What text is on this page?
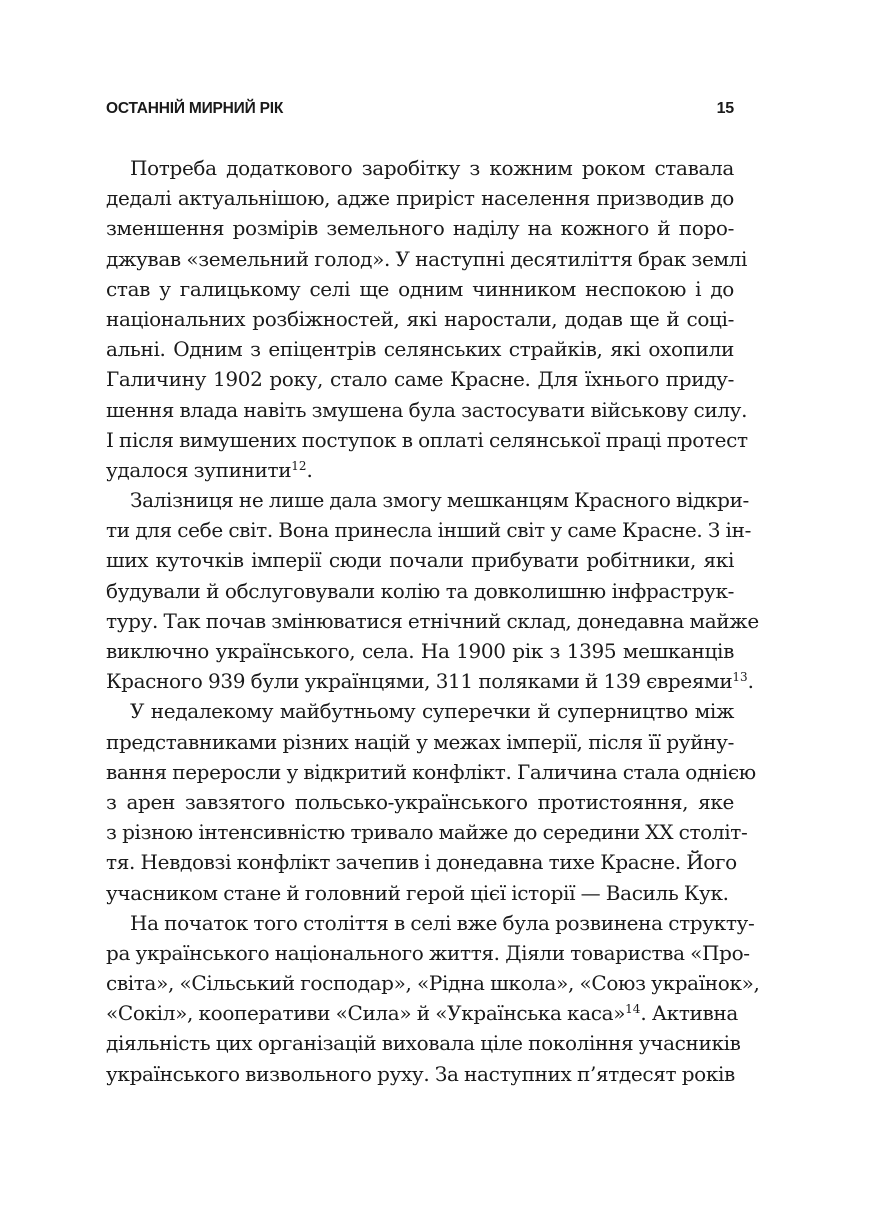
ОСТАННІЙ МИРНИЙ РІК	15
Потреба додаткового заробітку з кожним роком ставала
дедалі актуальнішою, адже приріст населення призводив до
зменшення розмірів земельного наділу на кожного й поро-
джував «земельний голод». У наступні десятиліття брак землі
став у галицькому селі ще одним чинником неспокою і до
національних розбіжностей, які наростали, додав ще й соці-
альні. Одним з епіцентрів селянських страйків, які охопили
Галичину 1902 року, стало саме Красне. Для їхнього приду-
шення влада навіть змушена була застосувати військову силу.
І після вимушених поступок в оплаті селянської праці протест
удалося зупинити$^{12}$.
Залізниця не лише дала змогу мешканцям Красного відкри-
ти для себе світ. Вона принесла інший світ у саме Красне. З ін-
ших куточків імперії сюди почали прибувати робітники, які
будували й обслуговували колію та довколишню інфраструк-
туру. Так почав змінюватися етнічний склад, донедавна майже
виключно українського, села. На 1900 рік з 1395 мешканців
Красного 939 були українцями, 311 поляками й 139 євреями$^{13}$.
У недалекому майбутньому суперечки й суперництво між
представниками різних націй у межах імперії, після її руйну-
вання переросли у відкритий конфлікт. Галичина стала однією
з арен завзятого польсько-українського протистояння, яке
з різною інтенсивністю тривало майже до середини ХХ століт-
тя. Невдовзі конфлікт зачепив і донедавна тихе Красне. Його
учасником стане й головний герой цієї історії — Василь Кук.
На початок того століття в селі вже була розвинена структу-
ра українського національного життя. Діяли товариства «Про-
світа», «Сільський господар», «Рідна школа», «Союз українок»,
«Сокіл», кооперативи «Сила» й «Українська каса»$^{14}$. Активна
діяльність цих організацій виховала ціле покоління учасників
українського визвольного руху. За наступних п’ятдесят років
